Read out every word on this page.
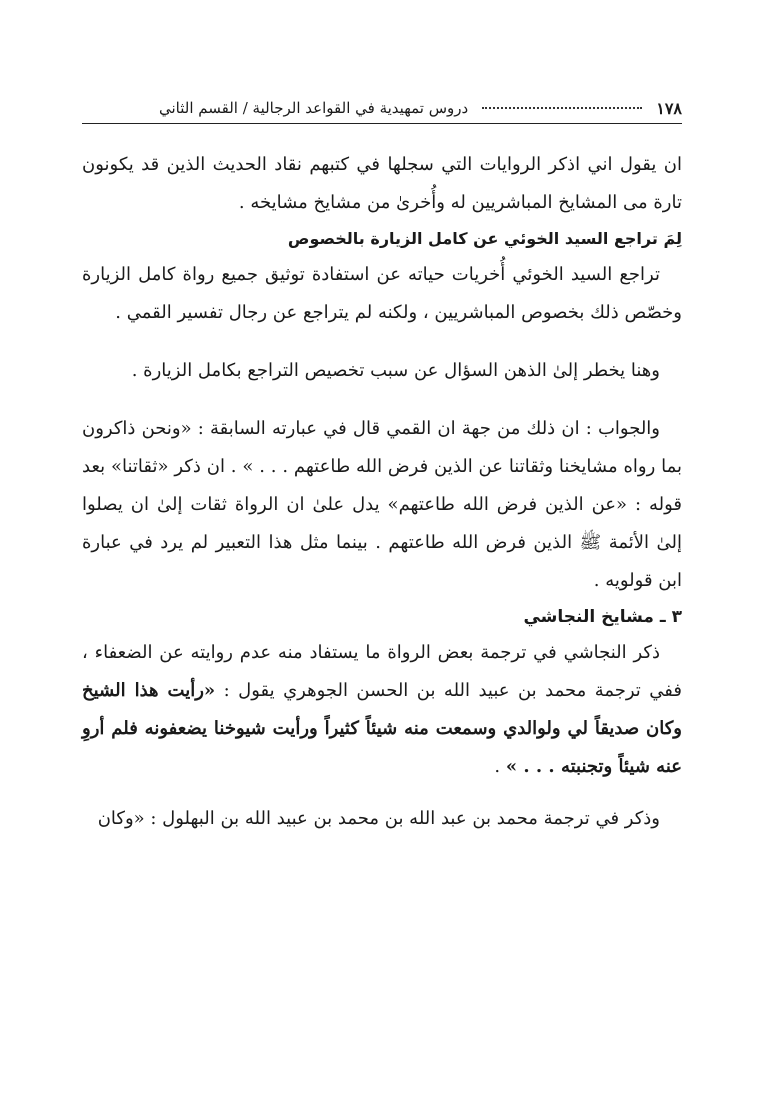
١٧٨
دروس تمهيدية في القواعد الرجالية / القسم الثاني

ان يقول اني اذكر الروايات التي سجلها في كتبهم نقاد الحديث الذين قد يكونون تارة مى المشايخ المباشريين له وأُخرىٰ من مشايخ مشايخه .

لِمَ تراجع السيد الخوئي عن كامل الزيارة بالخصوص

تراجع السيد الخوئي أُخريات حياته عن استفادة توثيق جميع رواة كامل الزيارة وخصّص ذلك بخصوص المباشريين ، ولكنه لم يتراجع عن رجال تفسير القمي .

وهنا يخطر إلىٰ الذهن السؤال عن سبب تخصيص التراجع بكامل الزيارة .

والجواب : ان ذلك من جهة ان القمي قال في عبارته السابقة : «ونحن ذاكرون بما رواه مشايخنا وثقاتنا عن الذين فرض الله طاعتهم . . . » . ان ذكر «ثقاتنا» بعد قوله : «عن الذين فرض الله طاعتهم» يدل علىٰ ان الرواة ثقات إلىٰ ان يصلوا إلىٰ الأئمة ﷺ الذين فرض الله طاعتهم . بينما مثل هذا التعبير لم يرد في عبارة ابن قولويه .

٣ ـ مشايخ النجاشي

ذكر النجاشي في ترجمة بعض الرواة ما يستفاد منه عدم روايته عن الضعفاء ، ففي ترجمة محمد بن عبيد الله بن الحسن الجوهري يقول : «رأيت هذا الشيخ وكان صديقاً لي ولوالدي وسمعت منه شيئاً كثيراً ورأيت شيوخنا يضعفونه فلم أروِ عنه شيئاً وتجنبته . . . » .

وذكر في ترجمة محمد بن عبد الله بن محمد بن عبيد الله بن البهلول : «وكان
